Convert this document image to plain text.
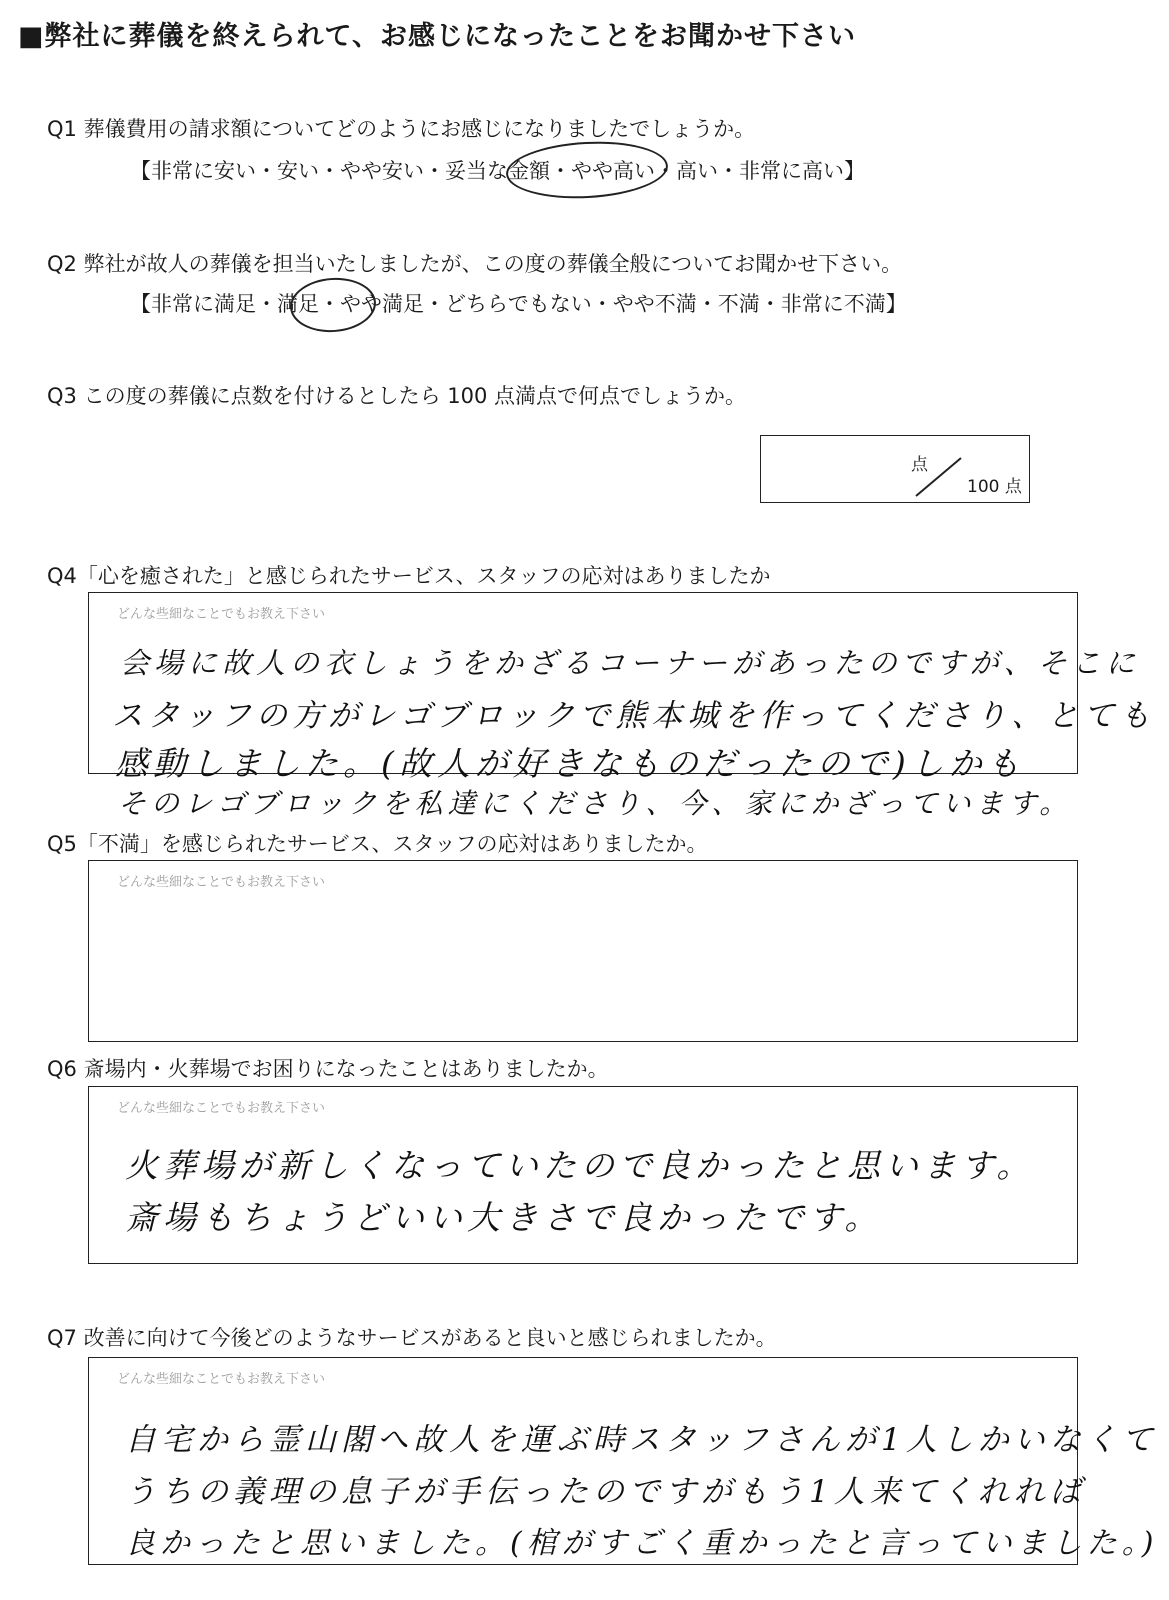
■弊社に葬儀を終えられて、お感じになったことをお聞かせ下さい
Q1 葬儀費用の請求額についてどのようにお感じになりましたでしょうか。
【非常に安い・安い・やや安い・妥当な金額・やや高い・高い・非常に高い】
Q2 弊社が故人の葬儀を担当いたしましたが、この度の葬儀全般についてお聞かせ下さい。
【非常に満足・満足・やや満足・どちらでもない・やや不満・不満・非常に不満】
Q3 この度の葬儀に点数を付けるとしたら 100 点満点で何点でしょうか。
点
100 点
Q4「心を癒された」と感じられたサービス、スタッフの応対はありましたか
どんな些細なことでもお教え下さい
会場に故人の衣しょうをかざるコーナーがあったのですが、そこに
スタッフの方がレゴブロックで熊本城を作ってくださり、とても
感動しました。(故人が好きなものだったので)しかも
そのレゴブロックを私達にくださり、今、家にかざっています。
Q5「不満」を感じられたサービス、スタッフの応対はありましたか。
どんな些細なことでもお教え下さい
Q6 斎場内・火葬場でお困りになったことはありましたか。
どんな些細なことでもお教え下さい
火葬場が新しくなっていたので良かったと思います。
斎場もちょうどいい大きさで良かったです。
Q7 改善に向けて今後どのようなサービスがあると良いと感じられましたか。
どんな些細なことでもお教え下さい
自宅から霊山閣へ故人を運ぶ時スタッフさんが1人しかいなくて
うちの義理の息子が手伝ったのですがもう1人来てくれれば
良かったと思いました。(棺がすごく重かったと言っていました。)
